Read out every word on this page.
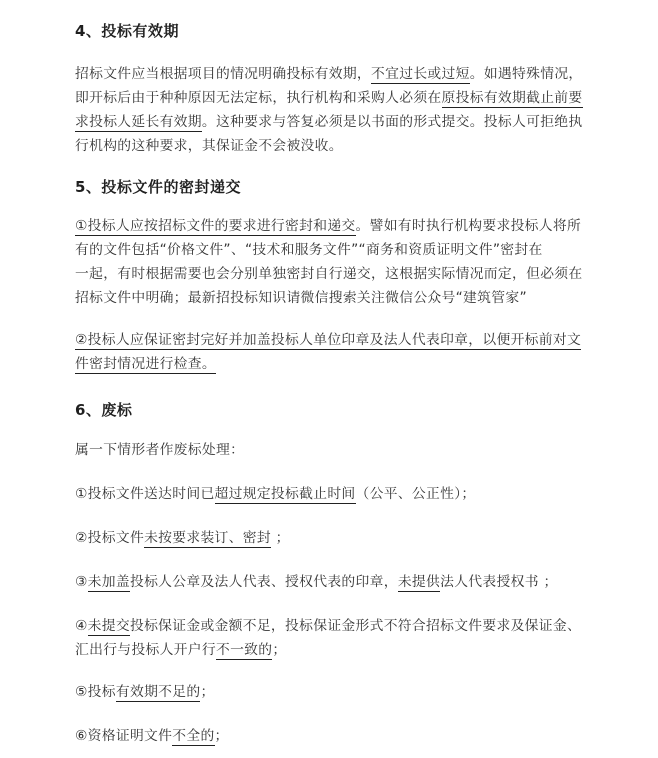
4、投标有效期
招标文件应当根据项目的情况明确投标有效期，不宜过长或过短。如遇特殊情况，
即开标后由于种种原因无法定标，执行机构和采购人必须在原投标有效期截止前要
求投标人延长有效期。这种要求与答复必须是以书面的形式提交。投标人可拒绝执
行机构的这种要求，其保证金不会被没收。
5、投标文件的密封递交
①投标人应按招标文件的要求进行密封和递交。譬如有时执行机构要求投标人将所
有的文件包括“价格文件”、“技术和服务文件”“商务和资质证明文件”密封在
一起，有时根据需要也会分别单独密封自行递交，这根据实际情况而定，但必须在
招标文件中明确；最新招投标知识请微信搜索关注微信公众号“建筑管家”
②投标人应保证密封完好并加盖投标人单位印章及法人代表印章，以便开标前对文
件密封情况进行检查。
6、废标
属一下情形者作废标处理：
①投标文件送达时间已超过规定投标截止时间（公平、公正性）；
②投标文件未按要求装订、密封 ；
③未加盖投标人公章及法人代表、授权代表的印章，未提供法人代表授权书 ；
④未提交投标保证金或金额不足，投标保证金形式不符合招标文件要求及保证金、
汇出行与投标人开户行不一致的；
⑤投标有效期不足的；
⑥资格证明文件不全的；
